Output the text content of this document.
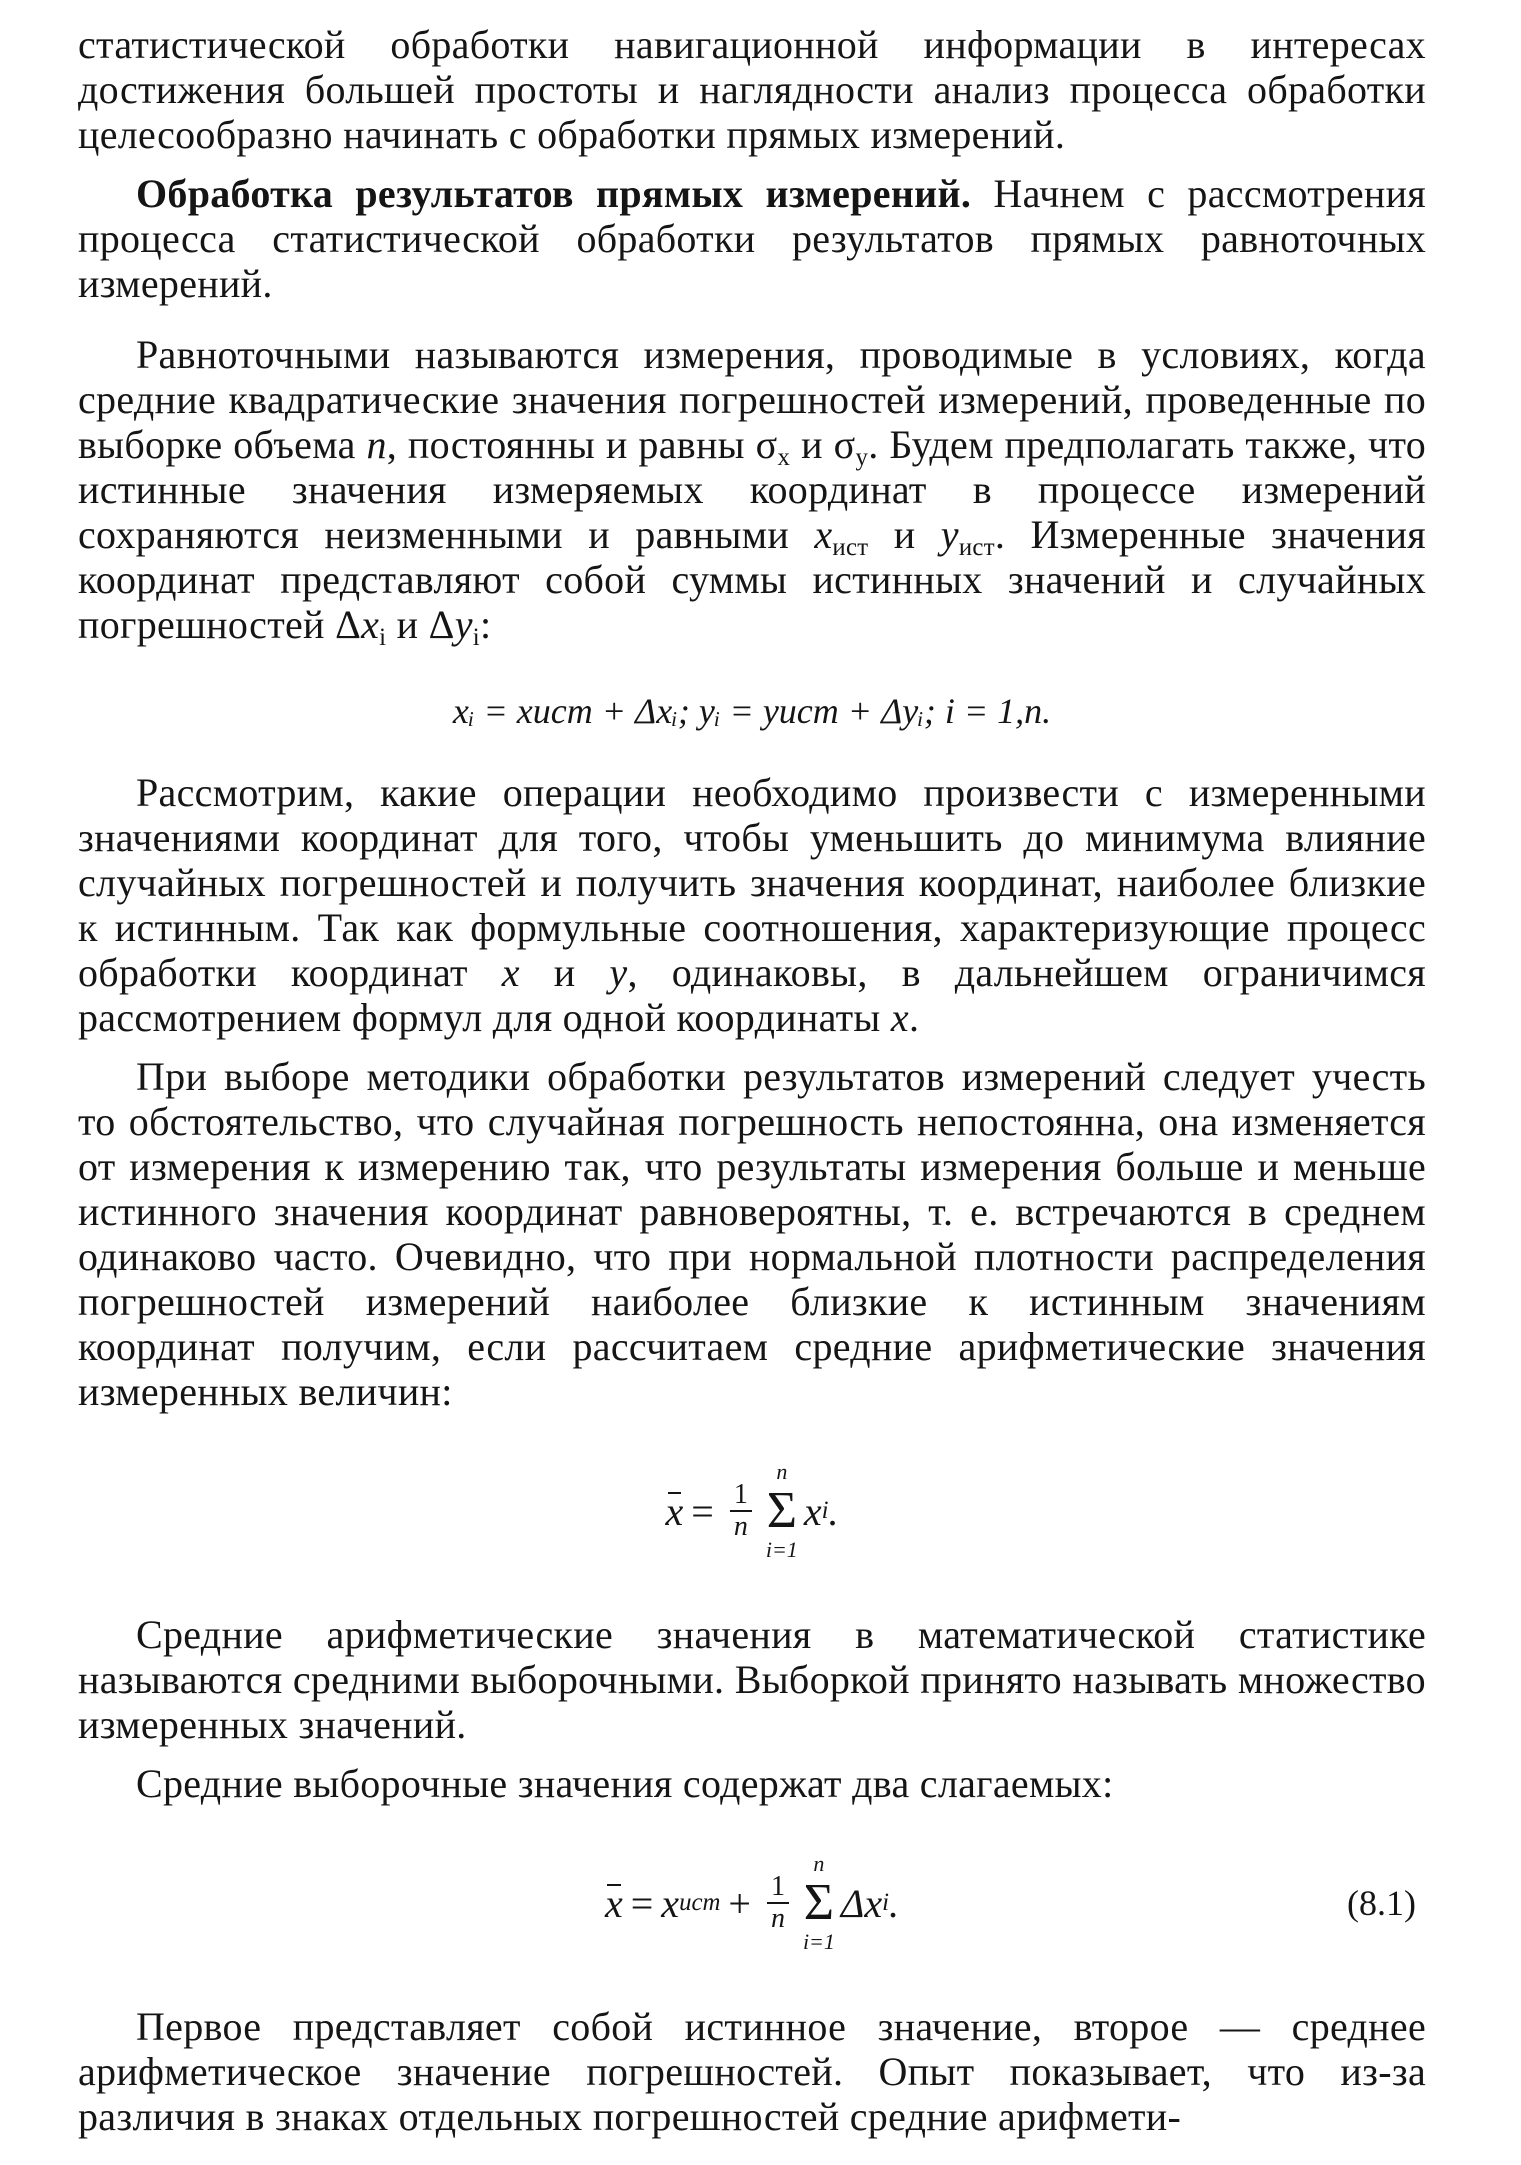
статистической обработки навигационной информации в интересах достижения большей простоты и наглядности анализ процесса обработки целесообразно начинать с обработки прямых измерений.

Обработка результатов прямых измерений. Начнем с рассмотрения процесса статистической обработки результатов прямых равноточных измерений.

Равноточными называются измерения, проводимые в условиях, когда средние квадратические значения погрешностей измерений, проведенные по выборке объема n, постоянны и равны $\sigma_x$ и $\sigma_y$. Будем предполагать также, что истинные значения измеряемых координат в процессе измерений сохраняются неизменными и равными $x_{ист}$ и $y_{ист}$. Измеренные значения координат представляют собой суммы истинных значений и случайных погрешностей $\Delta x_i$ и $\Delta y_i$:

xᵢ = xист + Δxᵢ; yᵢ = yист + Δyᵢ; i = 1,n.

Рассмотрим, какие операции необходимо произвести с измеренными значениями координат для того, чтобы уменьшить до минимума влияние случайных погрешностей и получить значения координат, наиболее близкие к истинным. Так как формульные соотношения, характеризующие процесс обработки координат x и y, одинаковы, в дальнейшем ограничимся рассмотрением формул для одной координаты x.

При выборе методики обработки результатов измерений следует учесть то обстоятельство, что случайная погрешность непостоянна, она изменяется от измерения к измерению так, что результаты измерения больше и меньше истинного значения координат равновероятны, т. е. встречаются в среднем одинаково часто. Очевидно, что при нормальной плотности распределения погрешностей измерений наиболее близкие к истинным значениям координат получим, если рассчитаем средние арифметические значения измеренных величин:

$x = \frac{1}{n}$
n
Σ
i=1
x i .

Средние арифметические значения в математической статистике называются средними выборочными. Выборкой принято называть множество измеренных значений.

Средние выборочные значения содержат два слагаемых:

x = x ист + $\frac{1}{n}$
n
Σ
i=1
Δx i .	(8.1)

Первое представляет собой истинное значение, второе — среднее арифметическое значение погрешностей. Опыт показывает, что из-за различия в знаках отдельных погрешностей средние арифмети-
